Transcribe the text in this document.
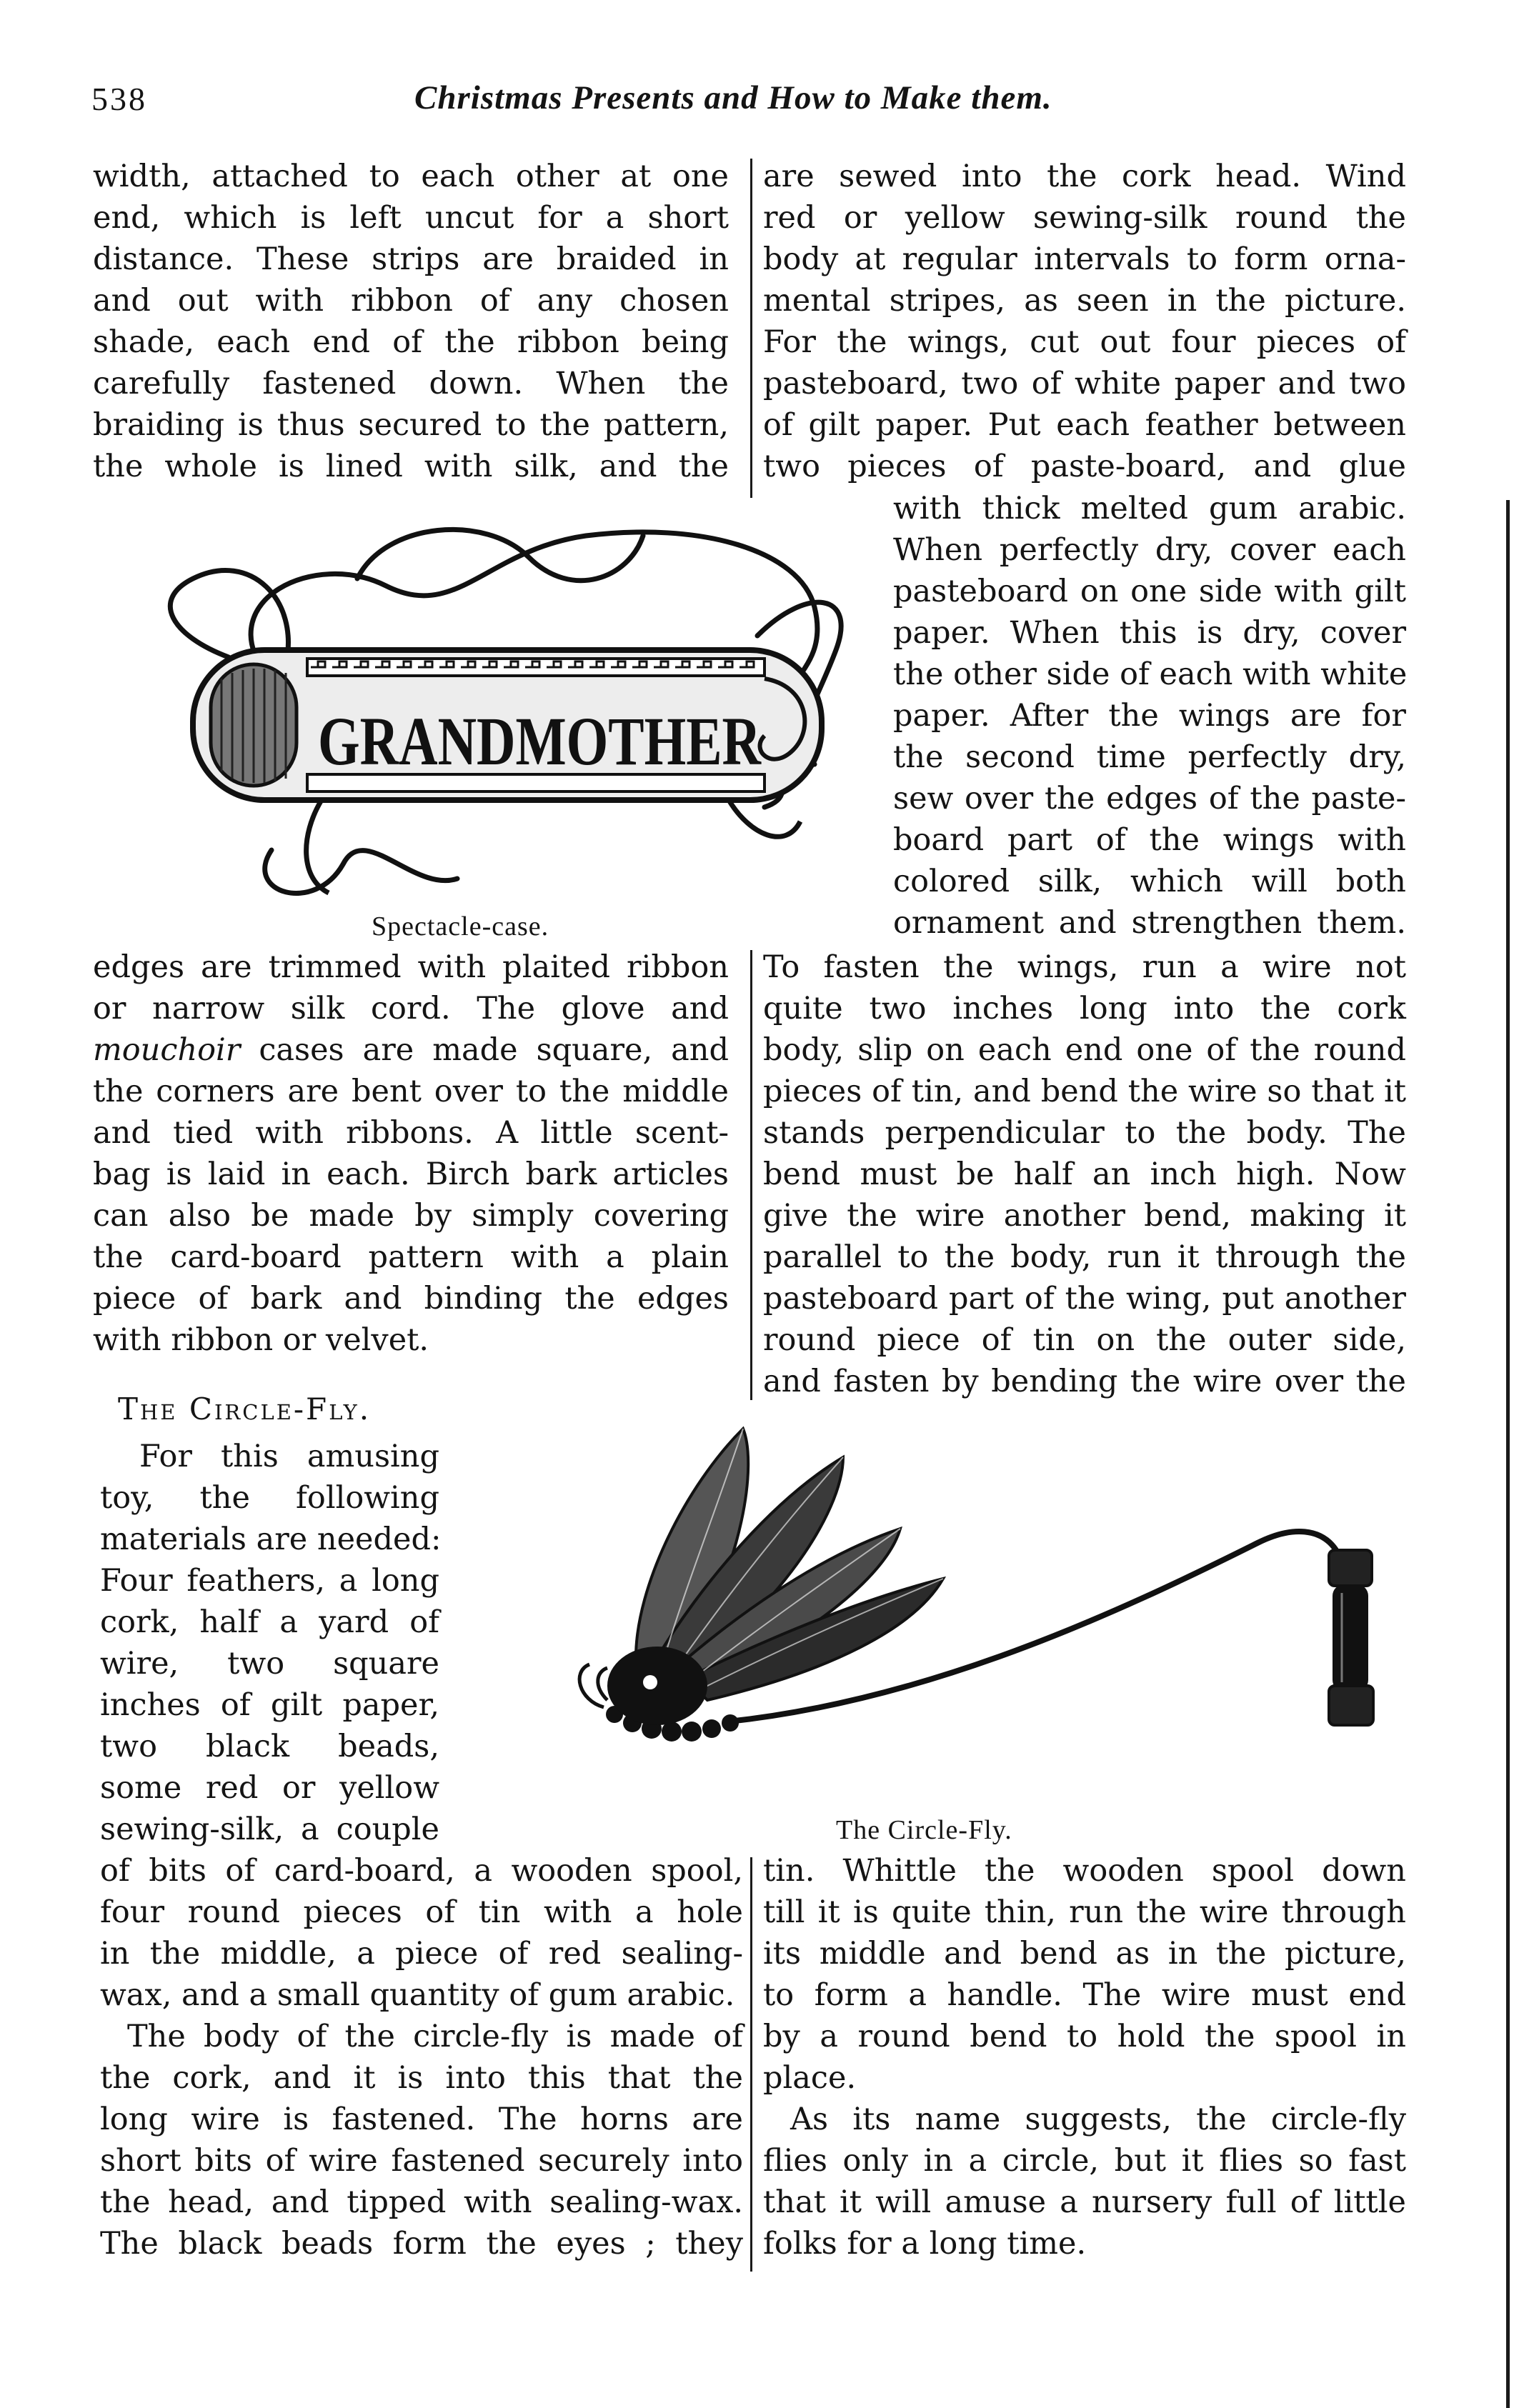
538	Christmas Presents and How to Make them.
width, attached to each other at one
end, which is left uncut for a short
distance. These strips are braided in
and out with ribbon of any chosen
shade, each end of the ribbon being
carefully fastened down. When the
braiding is thus secured to the pattern,
the whole is lined with silk, and the
edges are trimmed with plaited ribbon
or narrow silk cord. The glove and
mouchoir cases are made square, and
the corners are bent over to the middle
and tied with ribbons. A little scent-
bag is laid in each. Birch bark articles
can also be made by simply covering
the card-board pattern with a plain
piece of bark and binding the edges
with ribbon or velvet.
For this amusing
toy, the following
materials are needed:
Four feathers, a long
cork, half a yard of
wire, two square
inches of gilt paper,
two black beads,
some red or yellow
sewing-silk, a couple
of bits of card-board, a wooden spool,
four round pieces of tin with a hole
in the middle, a piece of red sealing-
wax, and a small quantity of gum arabic.
The body of the circle-fly is made of
the cork, and it is into this that the
long wire is fastened. The horns are
short bits of wire fastened securely into
the head, and tipped with sealing-wax.
The black beads form the eyes ; they
are sewed into the cork head. Wind
red or yellow sewing-silk round the
body at regular intervals to form orna-
mental stripes, as seen in the picture.
For the wings, cut out four pieces of
pasteboard, two of white paper and two
of gilt paper. Put each feather between
two pieces of paste-board, and glue
with thick melted gum arabic.
When perfectly dry, cover each
pasteboard on one side with gilt
paper. When this is dry, cover
the other side of each with white
paper. After the wings are for
the second time perfectly dry,
sew over the edges of the paste-
board part of the wings with
colored silk, which will both
ornament and strengthen them.
To fasten the wings, run a wire not
quite two inches long into the cork
body, slip on each end one of the round
pieces of tin, and bend the wire so that it
stands perpendicular to the body. The
bend must be half an inch high. Now
give the wire another bend, making it
parallel to the body, run it through the
pasteboard part of the wing, put another
round piece of tin on the outer side,
and fasten by bending the wire over the
tin. Whittle the wooden spool down
till it is quite thin, run the wire through
its middle and bend as in the picture,
to form a handle. The wire must end
by a round bend to hold the spool in
place.
As its name suggests, the circle-fly
flies only in a circle, but it flies so fast
that it will amuse a nursery full of little
folks for a long time.
GRANDMOTHER
Spectacle-case.
The Circle-Fly.
The Circle-Fly.
